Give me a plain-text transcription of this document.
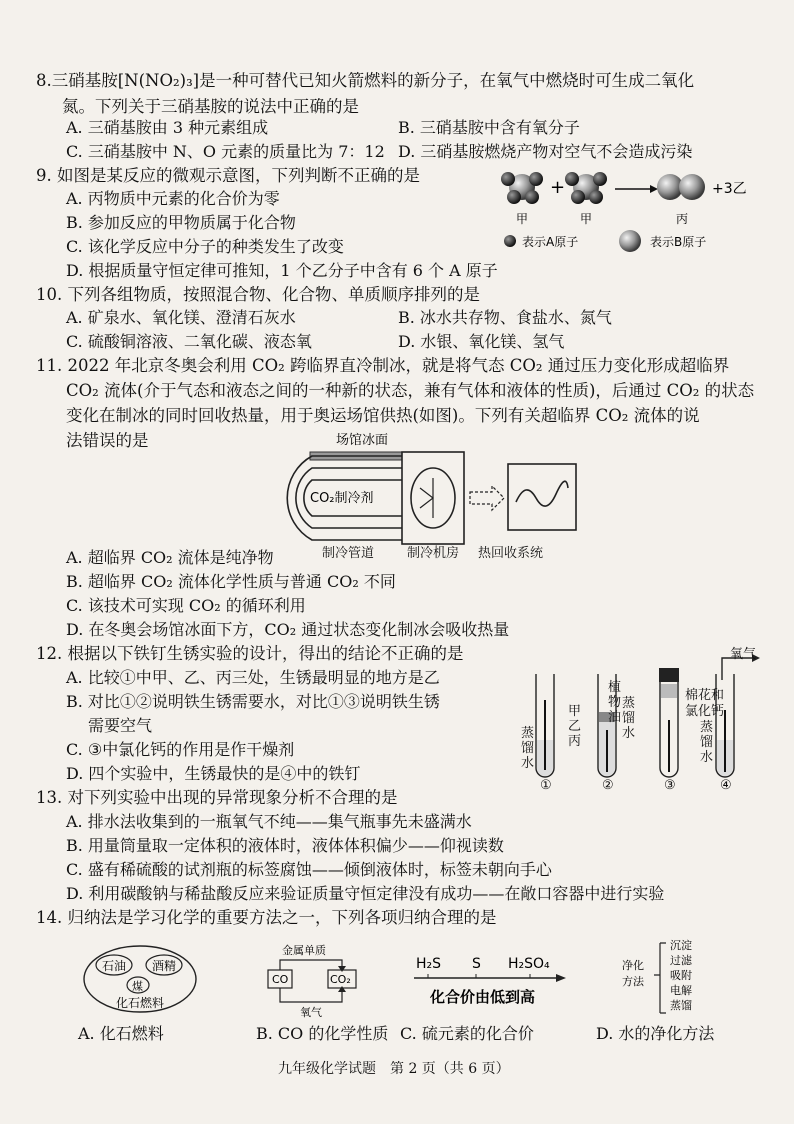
8.三硝基胺[N(NO₂)₃]是一种可替代已知火箭燃料的新分子，在氧气中燃烧时可生成二氧化
氮。下列关于三硝基胺的说法中正确的是
A. 三硝基胺由 3 种元素组成	B. 三硝基胺中含有氧分子
C. 三硝基胺中 N、O 元素的质量比为 7：12 D. 三硝基胺燃烧产物对空气不会造成污染
9. 如图是某反应的微观示意图，下列判断不正确的是
A. 丙物质中元素的化合价为零
B. 参加反应的甲物质属于化合物
C. 该化学反应中分子的种类发生了改变
D. 根据质量守恒定律可推知，1 个乙分子中含有 6 个 A 原子
甲
+
甲	丙
+3乙
表示A原子	表示B原子
10. 下列各组物质，按照混合物、化合物、单质顺序排列的是
A. 矿泉水、氧化镁、澄清石灰水	B. 冰水共存物、食盐水、氮气
C. 硫酸铜溶液、二氧化碳、液态氧	D. 水银、氧化镁、氢气
11. 2022 年北京冬奥会利用 CO₂ 跨临界直冷制冰，就是将气态 CO₂ 通过压力变化形成超临界
CO₂ 流体(介于气态和液态之间的一种新的状态，兼有气体和液体的性质)，后通过 CO₂ 的状态
变化在制冰的同时回收热量，用于奥运场馆供热(如图)。下列有关超临界 CO₂ 流体的说
法错误的是	场馆冰面
CO₂制冷剂
制冷管道	制冷机房 热回收系统
A. 超临界 CO₂ 流体是纯净物
B. 超临界 CO₂ 流体化学性质与普通 CO₂ 不同
C. 该技术可实现 CO₂ 的循环利用
D. 在冬奥会场馆冰面下方，CO₂ 通过状态变化制冰会吸收热量
12. 根据以下铁钉生锈实验的设计，得出的结论不正确的是
A. 比较①中甲、乙、丙三处，生锈最明显的地方是乙
B. 对比①②说明铁生锈需要水，对比①③说明铁生锈
需要空气
C. ③中氯化钙的作用是作干燥剂
D. 四个实验中，生锈最快的是④中的铁钉
氧气
棉花和
氯化钙
植
物
油
蒸
馏
水
蒸
馏
水
甲
乙
丙
蒸
馏
水
①	②	③	④
13. 对下列实验中出现的异常现象分析不合理的是
A. 排水法收集到的一瓶氧气不纯——集气瓶事先未盛满水
B. 用量筒量取一定体积的液体时，液体体积偏少——仰视读数
C. 盛有稀硫酸的试剂瓶的标签腐蚀——倾倒液体时，标签未朝向手心
D. 利用碳酸钠与稀盐酸反应来验证质量守恒定律没有成功——在敞口容器中进行实验
14. 归纳法是学习化学的重要方法之一，下列各项归纳合理的是
石油 酒精
煤
化石燃料
A. 化石燃料
金属单质
CO	CO₂
氧气
B. CO 的化学性质
H₂S S H₂SO₄
化合价由低到高
C. 硫元素的化合价
净化
方法
沉淀
过滤
吸附
电解
蒸馏
D. 水的净化方法
九年级化学试题　第 2 页（共 6 页）
